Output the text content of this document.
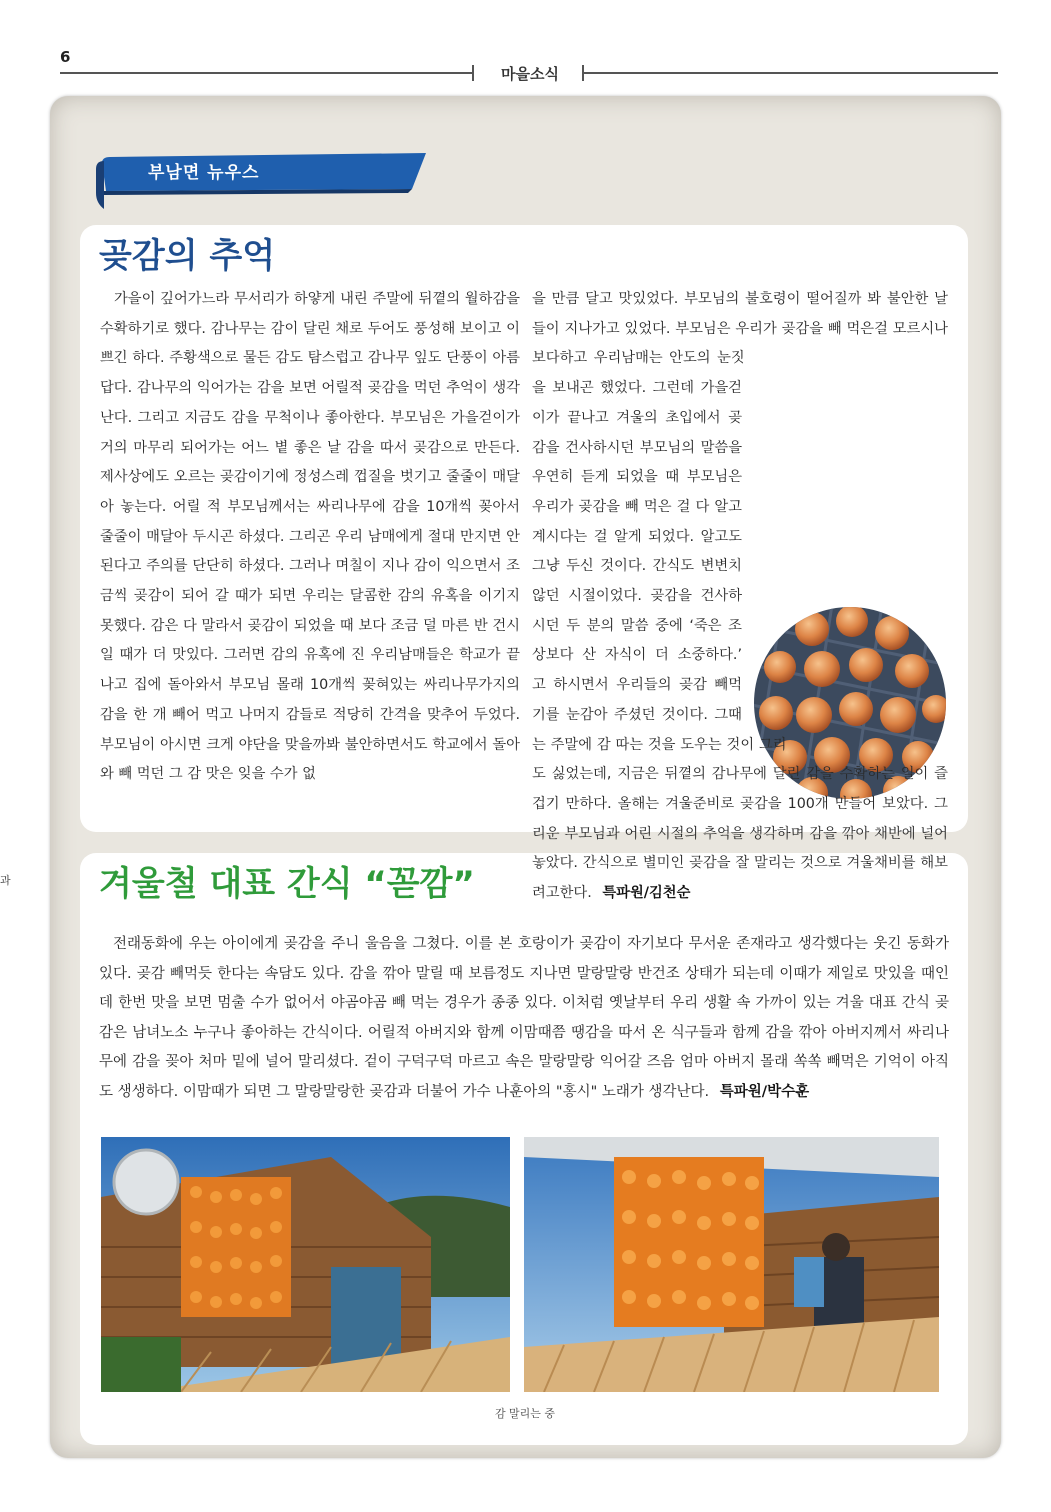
6
마을소식
과
부남면 뉴우스
곶감의 추억
가을이 깊어가느라 무서리가 하얗게 내린 주말에 뒤꼍의 월하감을 수확하기로 했다. 감나무는 감이 달린 채로 두어도 풍성해 보이고 이쁘긴 하다. 주황색으로 물든 감도 탐스럽고 감나무 잎도 단풍이 아름답다. 감나무의 익어가는 감을 보면 어릴적 곶감을 먹던 추억이 생각난다. 그리고 지금도 감을 무척이나 좋아한다. 부모님은 가을걷이가 거의 마무리 되어가는 어느 볕 좋은 날 감을 따서 곶감으로 만든다. 제사상에도 오르는 곶감이기에 정성스레 껍질을 벗기고 줄줄이 매달아 놓는다. 어릴 적 부모님께서는 싸리나무에 감을 10개씩 꽂아서 줄줄이 매달아 두시곤 하셨다. 그리곤 우리 남매에게 절대 만지면 안 된다고 주의를 단단히 하셨다. 그러나 며칠이 지나 감이 익으면서 조금씩 곶감이 되어 갈 때가 되면 우리는 달콤한 감의 유혹을 이기지 못했다. 감은 다 말라서 곶감이 되었을 때 보다 조금 덜 마른 반 건시일 때가 더 맛있다. 그러면 감의 유혹에 진 우리남매들은 학교가 끝나고 집에 돌아와서 부모님 몰래 10개씩 꽂혀있는 싸리나무가지의 감을 한 개 빼어 먹고 나머지 감들로 적당히 간격을 맞추어 두었다. 부모님이 아시면 크게 야단을 맞을까봐 불안하면서도 학교에서 돌아와 빼 먹던 그 감 맛은 잊을 수가 없
을 만큼 달고 맛있었다. 부모님의 불호령이 떨어질까 봐 불안한 날들이 지나가고 있었다. 부모님은 우리가 곶감을 빼 먹은걸 모르시나 보다하고 우리남매는 안도의 눈짓을 보내곤 했었다. 그런데 가을걷이가 끝나고 겨울의 초입에서 곶감을 건사하시던 부모님의 말씀을 우연히 듣게 되었을 때 부모님은 우리가 곶감을 빼 먹은 걸 다 알고 계시다는 걸 알게 되었다. 알고도 그냥 두신 것이다. 간식도 변변치 않던 시절이었다. 곶감을 건사하시던 두 분의 말씀 중에 ‘죽은 조상보다 산 자식이 더 소중하다.’ 고 하시면서 우리들의 곶감 빼먹기를 눈감아 주셨던 것이다. 그때는 주말에 감 따는 것을 도우는 것이 그리도 싫었는데, 지금은 뒤꼍의 감나무에 달린 감을 수확하는 일이 즐겁기 만하다. 올해는 겨울준비로 곶감을 100개 만들어 보았다. 그리운 부모님과 어린 시절의 추억을 생각하며 감을 깎아 채반에 널어놓았다. 간식으로 별미인 곶감을 잘 말리는 것으로 겨울채비를 해보려고한다. 특파원/김천순
겨울철 대표 간식 “꼳깜”
전래동화에 우는 아이에게 곶감을 주니 울음을 그쳤다. 이를 본 호랑이가 곶감이 자기보다 무서운 존재라고 생각했다는 웃긴 동화가 있다. 곶감 빼먹듯 한다는 속담도 있다. 감을 깎아 말릴 때 보름정도 지나면 말랑말랑 반건조 상태가 되는데 이때가 제일로 맛있을 때인데 한번 맛을 보면 멈출 수가 없어서 야곰야곰 빼 먹는 경우가 종종 있다. 이처럼 옛날부터 우리 생활 속 가까이 있는 겨울 대표 간식 곶감은 남녀노소 누구나 좋아하는 간식이다. 어릴적 아버지와 함께 이맘때쯤 땡감을 따서 온 식구들과 함께 감을 깎아 아버지께서 싸리나무에 감을 꽂아 처마 밑에 널어 말리셨다. 겉이 구덕구덕 마르고 속은 말랑말랑 익어갈 즈음 엄마 아버지 몰래 쏙쏙 빼먹은 기억이 아직도 생생하다. 이맘때가 되면 그 말랑말랑한 곶감과 더불어 가수 나훈아의 "홍시" 노래가 생각난다. 특파원/박수훈
감 말리는 중
